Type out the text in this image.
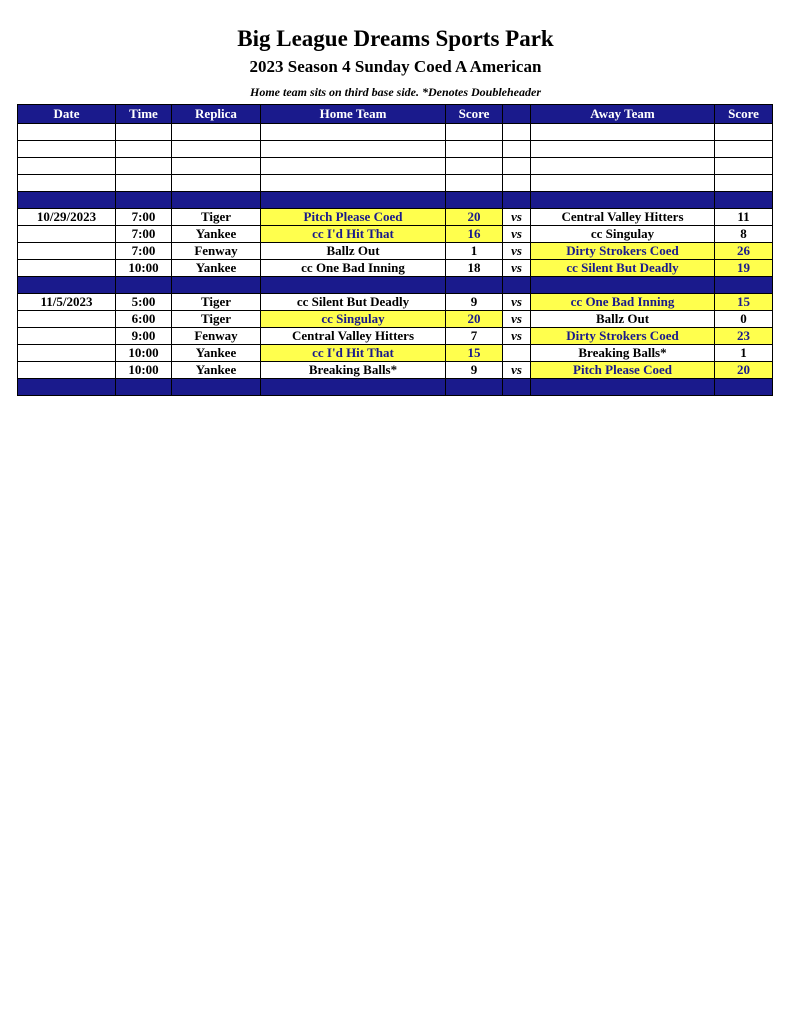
Big League Dreams Sports Park
2023 Season 4 Sunday Coed A American
Home team sits on third base side. *Denotes Doubleheader
Date	Time	Replica	Home Team	Score		Away Team	Score

10/29/2023	7:00	Tiger	Pitch Please Coed	20	vs	Central Valley Hitters	11
	7:00	Yankee	cc I'd Hit That	16	vs	cc Singulay	8
	7:00	Fenway	Ballz Out	1	vs	Dirty Strokers Coed	26
	10:00	Yankee	cc One Bad Inning	18	vs	cc Silent But Deadly	19

11/5/2023	5:00	Tiger	cc Silent But Deadly	9	vs	cc One Bad Inning	15
	6:00	Tiger	cc Singulay	20	vs	Ballz Out	0
	9:00	Fenway	Central Valley Hitters	7	vs	Dirty Strokers Coed	23
	10:00	Yankee	cc I'd Hit That	15		Breaking Balls*	1
	10:00	Yankee	Breaking Balls*	9	vs	Pitch Please Coed	20
